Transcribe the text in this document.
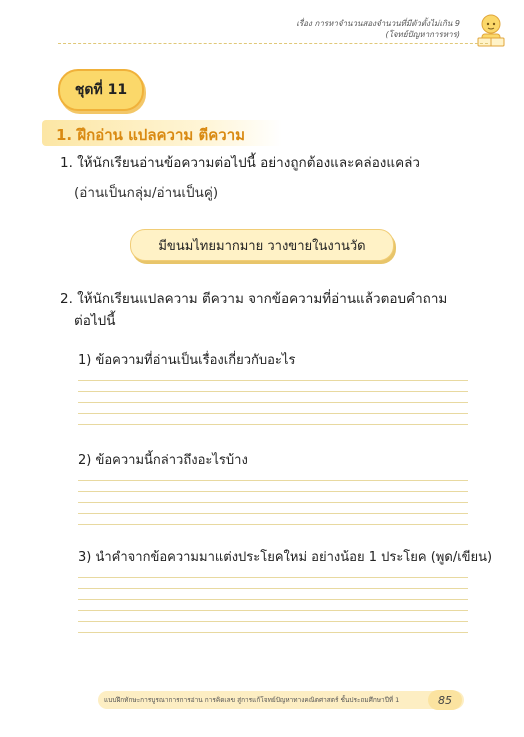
เรื่อง การหาจำนวนสองจำนวนที่มีตัวตั้งไม่เกิน 9
(โจทย์ปัญหาการหาร)
ชุดที่ 11
1. ฝึกอ่าน แปลความ ตีความ
1. ให้นักเรียนอ่านข้อความต่อไปนี้ อย่างถูกต้องและคล่องแคล่ว
(อ่านเป็นกลุ่ม/อ่านเป็นคู่)
มีขนมไทยมากมาย วางขายในงานวัด
2. ให้นักเรียนแปลความ ตีความ จากข้อความที่อ่านแล้วตอบคำถาม
ต่อไปนี้
1) ข้อความที่อ่านเป็นเรื่องเกี่ยวกับอะไร
2) ข้อความนี้กล่าวถึงอะไรบ้าง
3) นำคำจากข้อความมาแต่งประโยคใหม่ อย่างน้อย 1 ประโยค (พูด/เขียน)
แบบฝึกทักษะการบูรณาการการอ่าน การคิดเลข สู่การแก้โจทย์ปัญหาทางคณิตศาสตร์ ชั้นประถมศึกษาปีที่ 1	85
